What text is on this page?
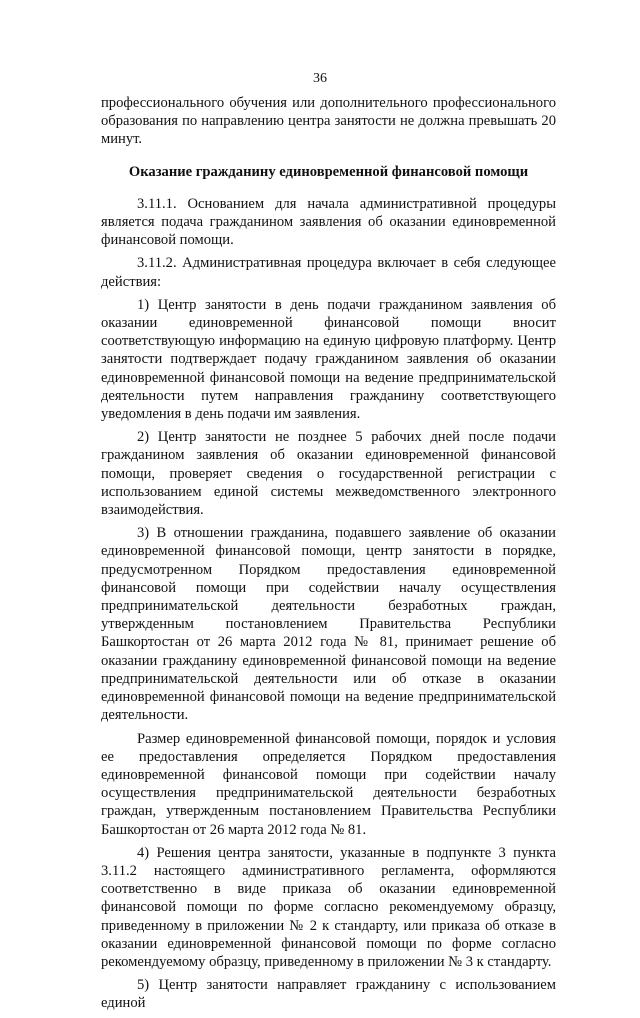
36

профессионального обучения или дополнительного профессионального образования по направлению центра занятости не должна превышать 20 минут.

Оказание гражданину единовременной финансовой помощи

3.11.1. Основанием для начала административной процедуры является подача гражданином заявления об оказании единовременной финансовой помощи.

3.11.2. Административная процедура включает в себя следующее действия:

1) Центр занятости в день подачи гражданином заявления об оказании единовременной финансовой помощи вносит соответствующую информацию на единую цифровую платформу. Центр занятости подтверждает подачу гражданином заявления об оказании единовременной финансовой помощи на ведение предпринимательской деятельности путем направления гражданину соответствующего уведомления в день подачи им заявления.

2) Центр занятости не позднее 5 рабочих дней после подачи гражданином заявления об оказании единовременной финансовой помощи, проверяет сведения о государственной регистрации с использованием единой системы межведомственного электронного взаимодействия.

3) В отношении гражданина, подавшего заявление об оказании единовременной финансовой помощи, центр занятости в порядке, предусмотренном Порядком предоставления единовременной финансовой помощи при содействии началу осуществления предпринимательской деятельности безработных граждан, утвержденным постановлением Правительства Республики Башкортостан от 26 марта 2012 года № 81, принимает решение об оказании гражданину единовременной финансовой помощи на ведение предпринимательской деятельности или об отказе в оказании единовременной финансовой помощи на ведение предпринимательской деятельности.

Размер единовременной финансовой помощи, порядок и условия ее предоставления определяется Порядком предоставления единовременной финансовой помощи при содействии началу осуществления предпринимательской деятельности безработных граждан, утвержденным постановлением Правительства Республики Башкортостан от 26 марта 2012 года № 81.

4) Решения центра занятости, указанные в подпункте 3 пункта 3.11.2 настоящего административного регламента, оформляются соответственно в виде приказа об оказании единовременной финансовой помощи по форме согласно рекомендуемому образцу, приведенному в приложении № 2 к стандарту, или приказа об отказе в оказании единовременной финансовой помощи по форме согласно рекомендуемому образцу, приведенному в приложении № 3 к стандарту.

5) Центр занятости направляет гражданину с использованием единой
